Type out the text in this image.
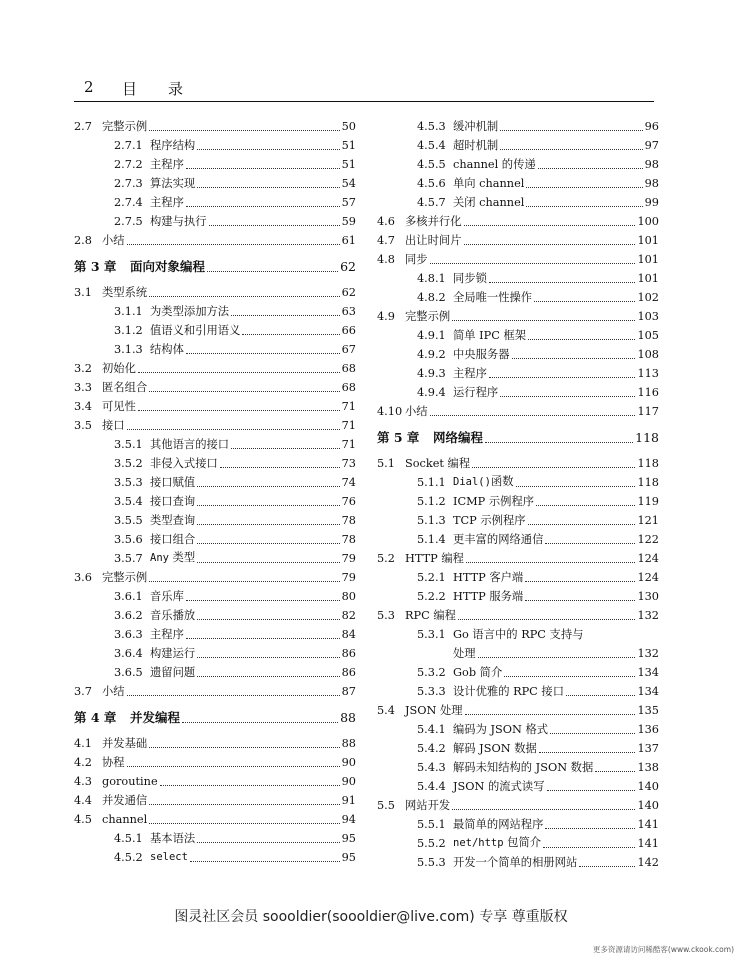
2 目 录
2.7 完整示例	50
2.7.1 程序结构	51
2.7.2 主程序	51
2.7.3 算法实现	54
2.7.4 主程序	57
2.7.5 构建与执行	59
2.8 小结	61
第 3 章	面向对象编程	62
3.1 类型系统	62
3.1.1 为类型添加方法	63
3.1.2 值语义和引用语义	66
3.1.3 结构体	67
3.2 初始化	68
3.3 匿名组合	68
3.4 可见性	71
3.5 接口	71
3.5.1 其他语言的接口	71
3.5.2 非侵入式接口	73
3.5.3 接口赋值	74
3.5.4 接口查询	76
3.5.5 类型查询	78
3.5.6 接口组合	78
3.5.7 Any 类型	79
3.6 完整示例	79
3.6.1 音乐库	80
3.6.2 音乐播放	82
3.6.3 主程序	84
3.6.4 构建运行	86
3.6.5 遗留问题	86
3.7 小结	87
第 4 章	并发编程	88
4.1 并发基础	88
4.2 协程	90
4.3 goroutine	90
4.4 并发通信	91
4.5 channel	94
4.5.1 基本语法	95
4.5.2 select	95
4.5.3 缓冲机制	96
4.5.4 超时机制	97
4.5.5 channel 的传递	98
4.5.6 单向 channel	98
4.5.7 关闭 channel	99
4.6 多核并行化	100
4.7 出让时间片	101
4.8 同步	101
4.8.1 同步锁	101
4.8.2 全局唯一性操作	102
4.9 完整示例	103
4.9.1 简单 IPC 框架	105
4.9.2 中央服务器	108
4.9.3 主程序	113
4.9.4 运行程序	116
4.10 小结	117
第 5 章	网络编程	118
5.1 Socket 编程	118
5.1.1 Dial()函数	118
5.1.2 ICMP 示例程序	119
5.1.3 TCP 示例程序	121
5.1.4 更丰富的网络通信	122
5.2 HTTP 编程	124
5.2.1 HTTP 客户端	124
5.2.2 HTTP 服务端	130
5.3 RPC 编程	132
5.3.1 Go 语言中的 RPC 支持与
处理	132
5.3.2 Gob 简介	134
5.3.3 设计优雅的 RPC 接口	134
5.4 JSON 处理	135
5.4.1 编码为 JSON 格式	136
5.4.2 解码 JSON 数据	137
5.4.3 解码未知结构的 JSON 数据	138
5.4.4 JSON 的流式读写	140
5.5 网站开发	140
5.5.1 最简单的网站程序	141
5.5.2 net/http 包简介	141
5.5.3 开发一个简单的相册网站	142
图灵社区会员 soooldier(soooldier@live.com) 专享 尊重版权
更多资源请访问稀酷客(www.ckook.com)
